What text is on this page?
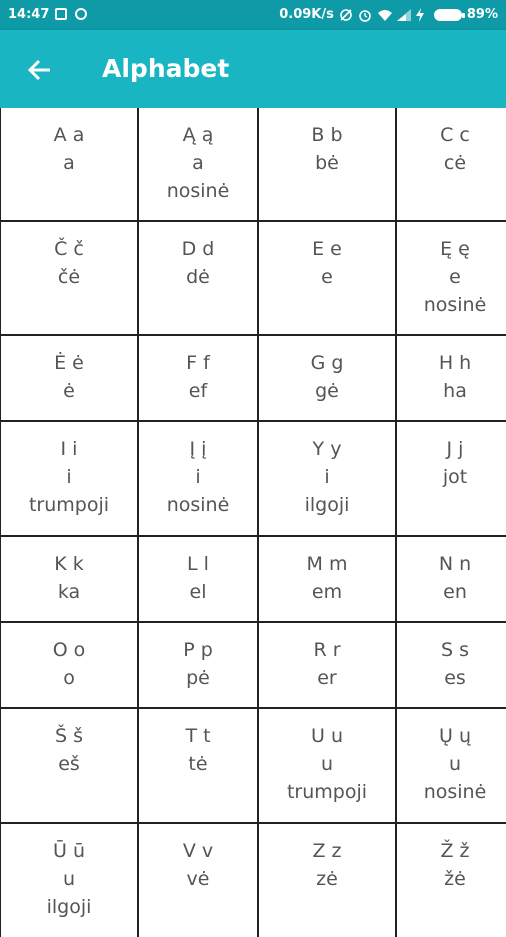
14:47	0.09K/s	89%
Alphabet
A a
a
Ą ą
a
nosinė
B b
bė
C c
cė
Č č
čė
D d
dė
E e
e
Ę ę
e
nosinė
Ė ė
ė
F f
ef
G g
gė
H h
ha
I i
i
trumpoji
Į į
i
nosinė
Y y
i
ilgoji
J j
jot
K k
ka
L l
el
M m
em
N n
en
O o
o
P p
pė
R r
er
S s
es
Š š
eš
T t
tė
U u
u
trumpoji
Ų ų
u
nosinė
Ū ū
u
ilgoji
V v
vė
Z z
zė
Ž ž
žė
